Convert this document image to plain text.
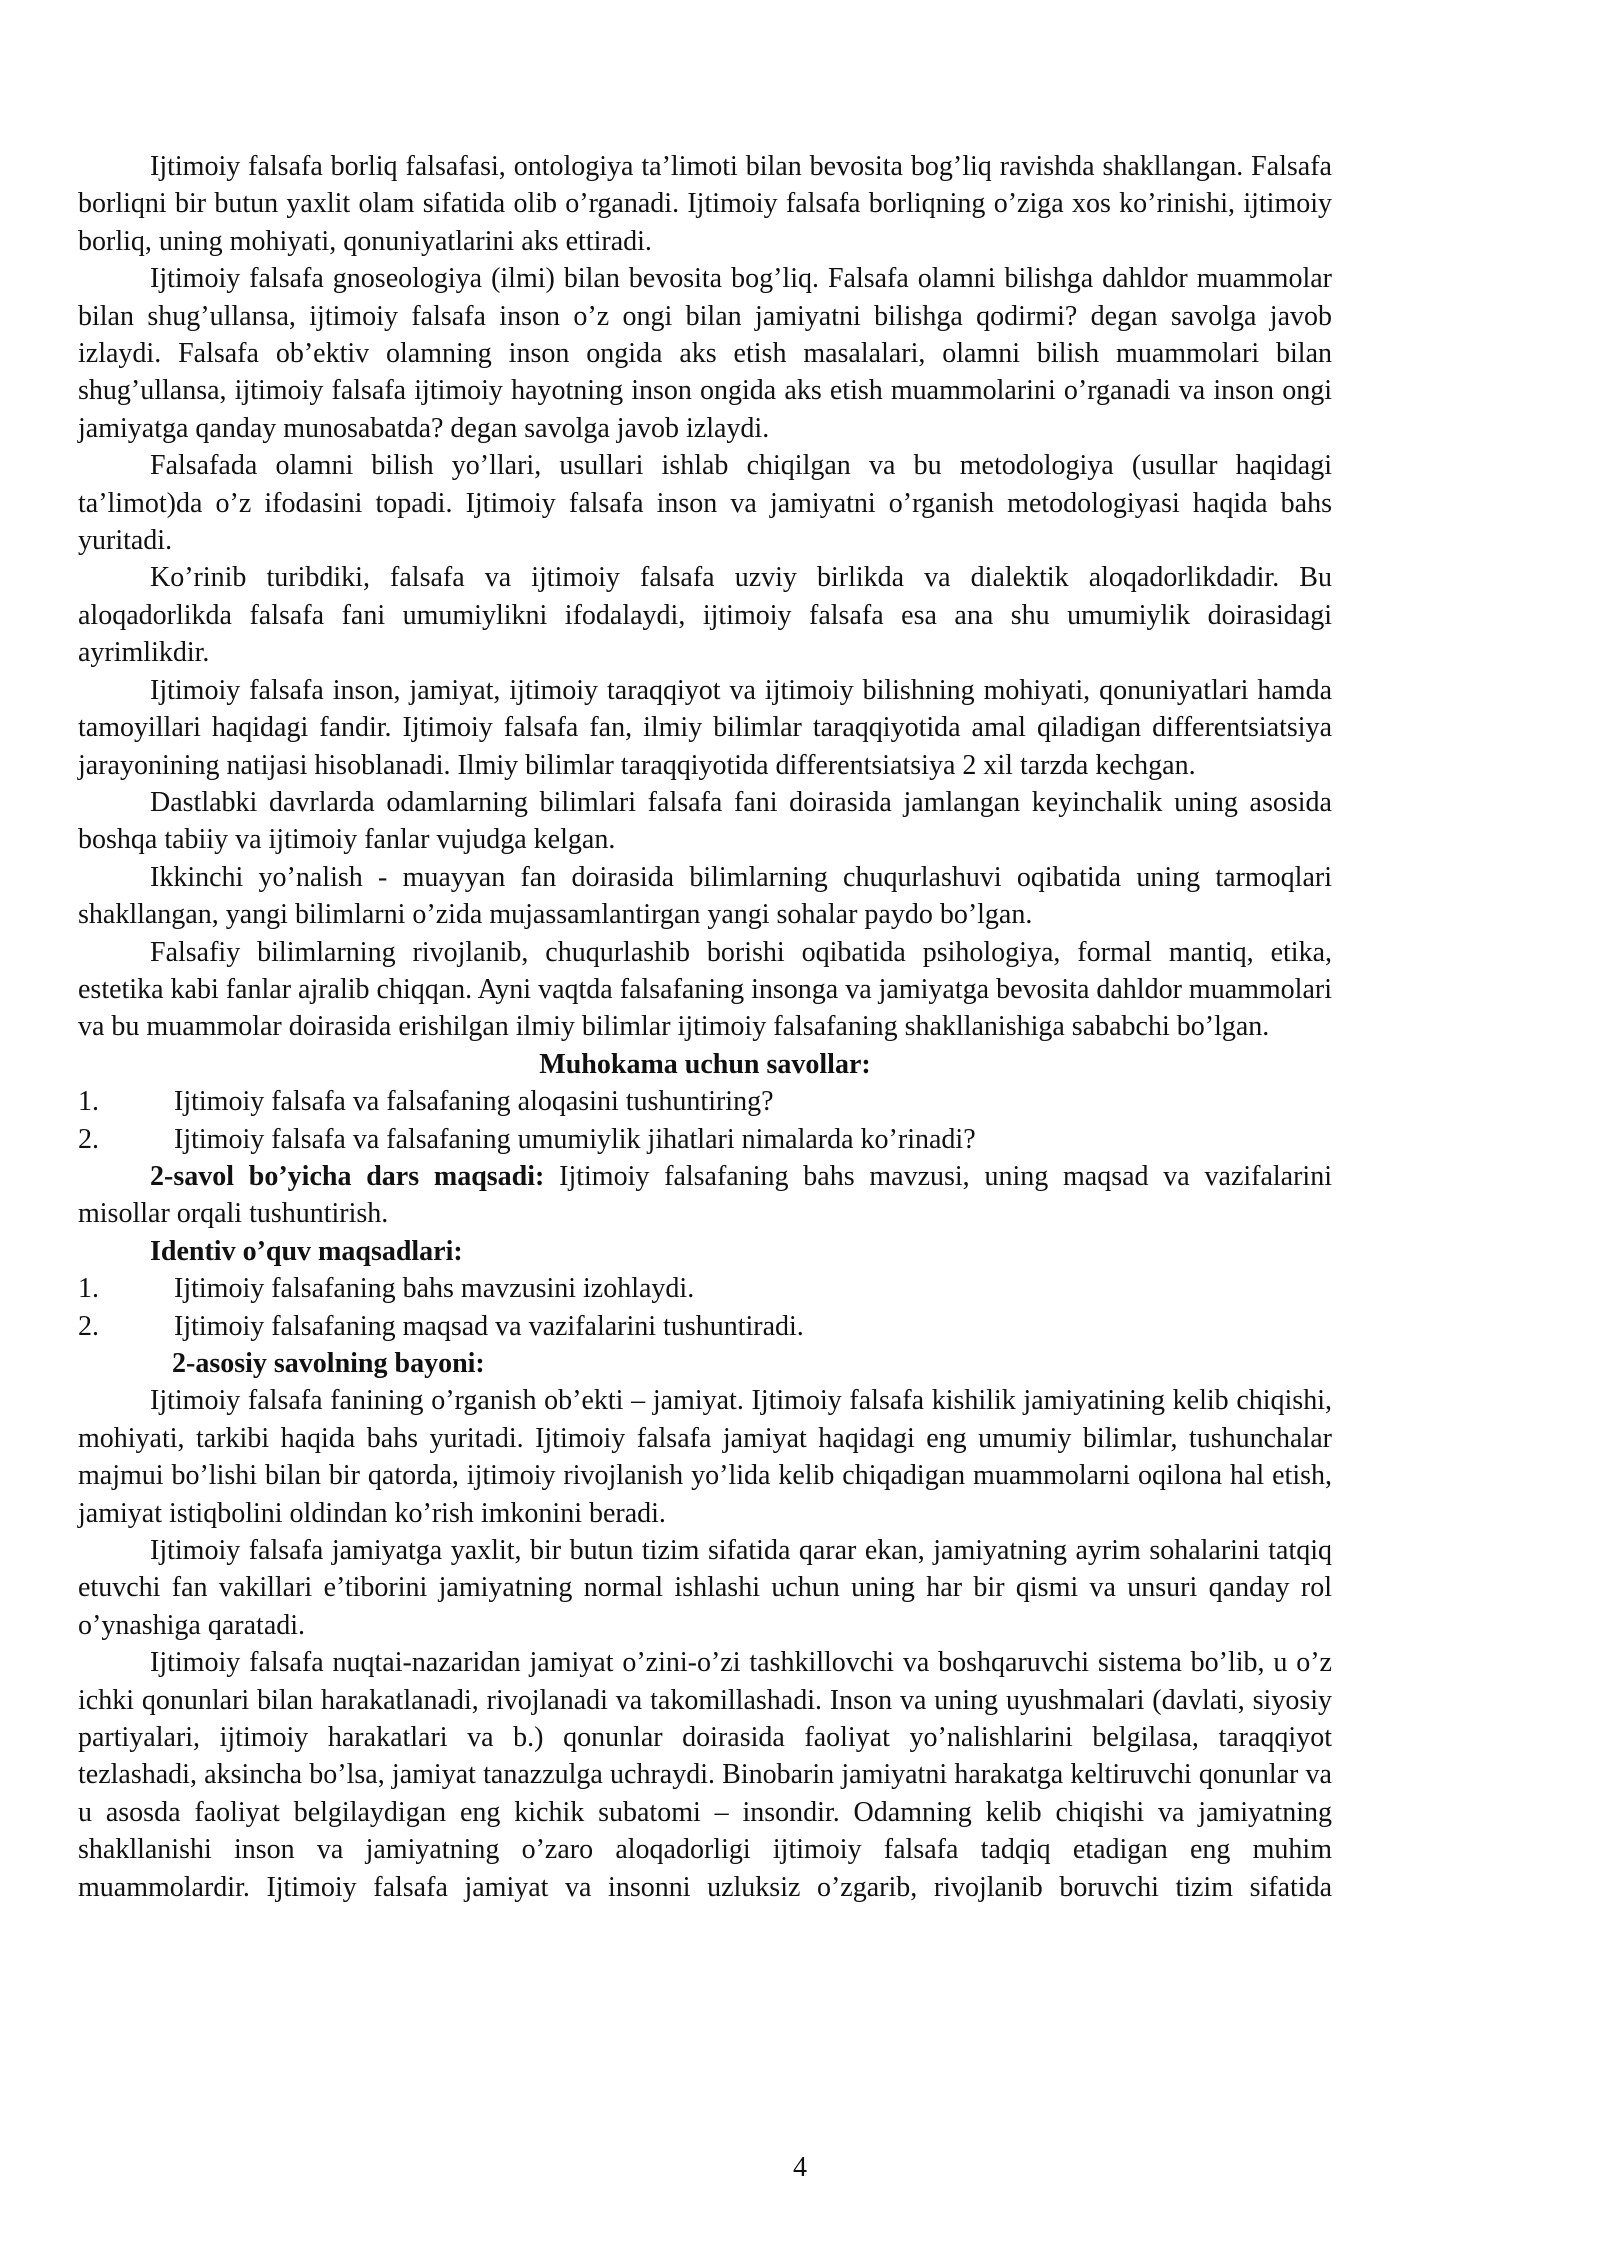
Ijtimoiy falsafa borliq falsafasi, ontologiya ta’limoti bilan bevosita bog’liq ravishda shakllangan. Falsafa borliqni bir butun yaxlit olam sifatida olib o’rganadi. Ijtimoiy falsafa borliqning o’ziga xos ko’rinishi, ijtimoiy borliq, uning mohiyati, qonuniyatlarini aks ettiradi.

Ijtimoiy falsafa gnoseologiya (ilmi) bilan bevosita bog’liq. Falsafa olamni bilishga dahldor muammolar bilan shug’ullansa, ijtimoiy falsafa inson o’z ongi bilan jamiyatni bilishga qodirmi? degan savolga javob izlaydi. Falsafa ob’ektiv olamning inson ongida aks etish masalalari, olamni bilish muammolari bilan shug’ullansa, ijtimoiy falsafa ijtimoiy hayotning inson ongida aks etish muammolarini o’rganadi va inson ongi jamiyatga qanday munosabatda? degan savolga javob izlaydi.

Falsafada olamni bilish yo’llari, usullari ishlab chiqilgan va bu metodologiya (usullar haqidagi ta’limot)da o’z ifodasini topadi. Ijtimoiy falsafa inson va jamiyatni o’rganish metodologiyasi haqida bahs yuritadi.

Ko’rinib turibdiki, falsafa va ijtimoiy falsafa uzviy birlikda va dialektik aloqadorlikdadir. Bu aloqadorlikda falsafa fani umumiylikni ifodalaydi, ijtimoiy falsafa esa ana shu umumiylik doirasidagi ayrimlikdir.

Ijtimoiy falsafa inson, jamiyat, ijtimoiy taraqqiyot va ijtimoiy bilishning mohiyati, qonuniyatlari hamda tamoyillari haqidagi fandir. Ijtimoiy falsafa fan, ilmiy bilimlar taraqqiyotida amal qiladigan differentsiatsiya jarayonining natijasi hisoblanadi. Ilmiy bilimlar taraqqiyotida differentsiatsiya 2 xil tarzda kechgan.

Dastlabki davrlarda odamlarning bilimlari falsafa fani doirasida jamlangan keyinchalik uning asosida boshqa tabiiy va ijtimoiy fanlar vujudga kelgan.

Ikkinchi yo’nalish - muayyan fan doirasida bilimlarning chuqurlashuvi oqibatida uning tarmoqlari shakllangan, yangi bilimlarni o’zida mujassamlantirgan yangi sohalar paydo bo’lgan.

Falsafiy bilimlarning rivojlanib, chuqurlashib borishi oqibatida psihologiya, formal mantiq, etika, estetika kabi fanlar ajralib chiqqan. Ayni vaqtda falsafaning insonga va jamiyatga bevosita dahldor muammolari va bu muammolar doirasida erishilgan ilmiy bilimlar ijtimoiy falsafaning shakllanishiga sababchi bo’lgan.

Muhokama uchun savollar:
1.	Ijtimoiy falsafa va falsafaning aloqasini tushuntiring?
2.	Ijtimoiy falsafa va falsafaning umumiylik jihatlari nimalarda ko’rinadi?

2-savol bo’yicha dars maqsadi: Ijtimoiy falsafaning bahs mavzusi, uning maqsad va vazifalarini misollar orqali tushuntirish.

Identiv o’quv maqsadlari:
1.	Ijtimoiy falsafaning bahs mavzusini izohlaydi.
2.	Ijtimoiy falsafaning maqsad va vazifalarini tushuntiradi.
2-asosiy savolning bayoni:

Ijtimoiy falsafa fanining o’rganish ob’ekti – jamiyat. Ijtimoiy falsafa kishilik jamiyatining kelib chiqishi, mohiyati, tarkibi haqida bahs yuritadi. Ijtimoiy falsafa jamiyat haqidagi eng umumiy bilimlar, tushunchalar majmui bo’lishi bilan bir qatorda, ijtimoiy rivojlanish yo’lida kelib chiqadigan muammolarni oqilona hal etish, jamiyat istiqbolini oldindan ko’rish imkonini beradi.

Ijtimoiy falsafa jamiyatga yaxlit, bir butun tizim sifatida qarar ekan, jamiyatning ayrim sohalarini tatqiq etuvchi fan vakillari e’tiborini jamiyatning normal ishlashi uchun uning har bir qismi va unsuri qanday rol o’ynashiga qaratadi.

Ijtimoiy falsafa nuqtai-nazaridan jamiyat o’zini-o’zi tashkillovchi va boshqaruvchi sistema bo’lib, u o’z ichki qonunlari bilan harakatlanadi, rivojlanadi va takomillashadi. Inson va uning uyushmalari (davlati, siyosiy partiyalari, ijtimoiy harakatlari va b.) qonunlar doirasida faoliyat yo’nalishlarini belgilasa, taraqqiyot tezlashadi, aksincha bo’lsa, jamiyat tanazzulga uchraydi. Binobarin jamiyatni harakatga keltiruvchi qonunlar va u asosda faoliyat belgilaydigan eng kichik subatomi – insondir. Odamning kelib chiqishi va jamiyatning shakllanishi inson va jamiyatning o’zaro aloqadorligi ijtimoiy falsafa tadqiq etadigan eng muhim muammolardir. Ijtimoiy falsafa jamiyat va insonni uzluksiz o’zgarib, rivojlanib boruvchi tizim sifatida

4
